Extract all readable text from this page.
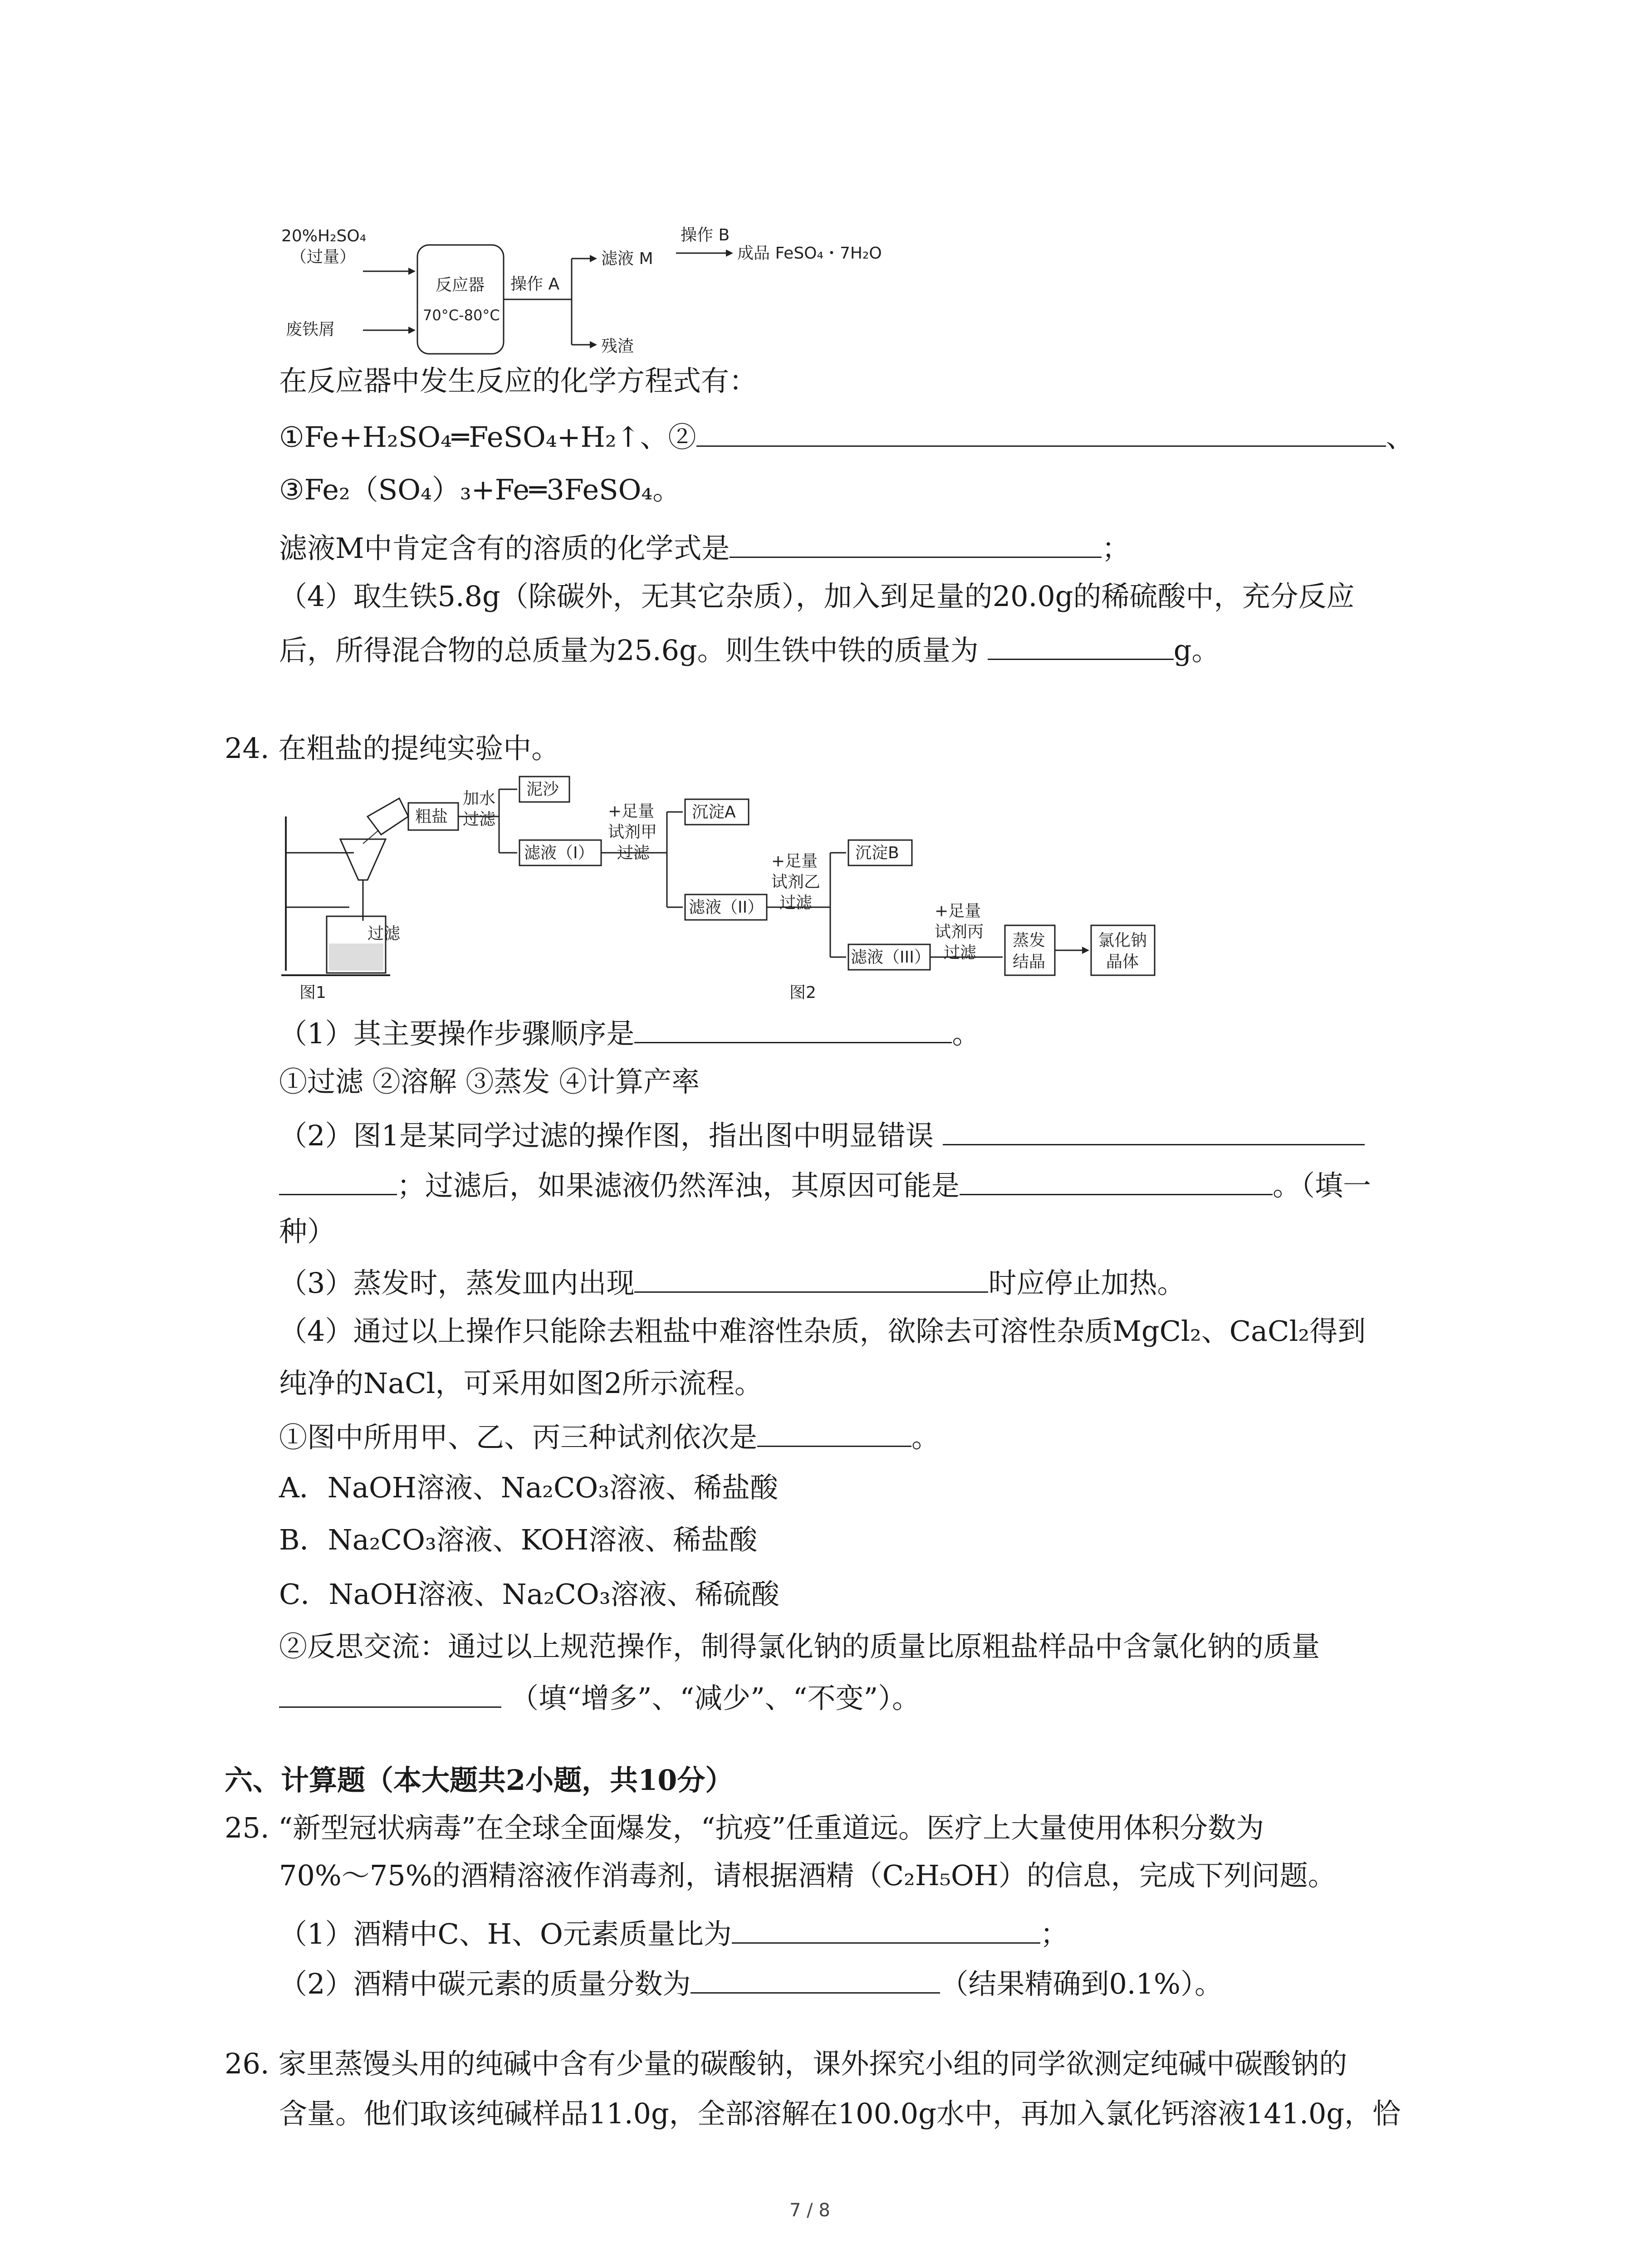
20%H₂SO₄
（过量）
废铁屑
反应器
70°C-80°C
操作 A
滤液 M
操作 B
成品 FeSO₄・7H₂O
残渣
在反应器中发生反应的化学方程式有：
①Fe+H₂SO₄═FeSO₄+H₂↑、②	、
③Fe₂（SO₄）₃+Fe═3FeSO₄。
滤液M中肯定含有的溶质的化学式是	；
（4）取生铁5.8g（除碳外，无其它杂质），加入到足量的20.0g的稀硫酸中，充分反应
后，所得混合物的总质量为25.6g。则生铁中铁的质量为	g。
24. 在粗盐的提纯实验中。
过滤
图1
粗盐
加水
过滤
泥沙
滤液（I）
+足量
试剂甲
过滤
沉淀A
滤液（II）
+足量
试剂乙
过滤
沉淀B
滤液（III）
+足量
试剂丙
过滤
蒸发
结晶
氯化钠
晶体
图2
（1）其主要操作步骤顺序是	。
①过滤 ②溶解 ③蒸发 ④计算产率
（2）图1是某同学过滤的操作图，指出图中明显错误
；过滤后，如果滤液仍然浑浊，其原因可能是	。（填一
种）
（3）蒸发时，蒸发皿内出现	时应停止加热。
（4）通过以上操作只能除去粗盐中难溶性杂质，欲除去可溶性杂质MgCl₂、CaCl₂得到
纯净的NaCl，可采用如图2所示流程。
①图中所用甲、乙、丙三种试剂依次是	。
A．NaOH溶液、Na₂CO₃溶液、稀盐酸
B．Na₂CO₃溶液、KOH溶液、稀盐酸
C．NaOH溶液、Na₂CO₃溶液、稀硫酸
②反思交流：通过以上规范操作，制得氯化钠的质量比原粗盐样品中含氯化钠的质量
（填“增多”、“减少”、“不变”）。
六、计算题（本大题共2小题，共10分）
25. “新型冠状病毒”在全球全面爆发，“抗疫”任重道远。医疗上大量使用体积分数为
70%～75%的酒精溶液作消毒剂，请根据酒精（C₂H₅OH）的信息，完成下列问题。
（1）酒精中C、H、O元素质量比为	；
（2）酒精中碳元素的质量分数为	（结果精确到0.1%）。
26. 家里蒸馒头用的纯碱中含有少量的碳酸钠，课外探究小组的同学欲测定纯碱中碳酸钠的
含量。他们取该纯碱样品11.0g，全部溶解在100.0g水中，再加入氯化钙溶液141.0g，恰
7 / 8
